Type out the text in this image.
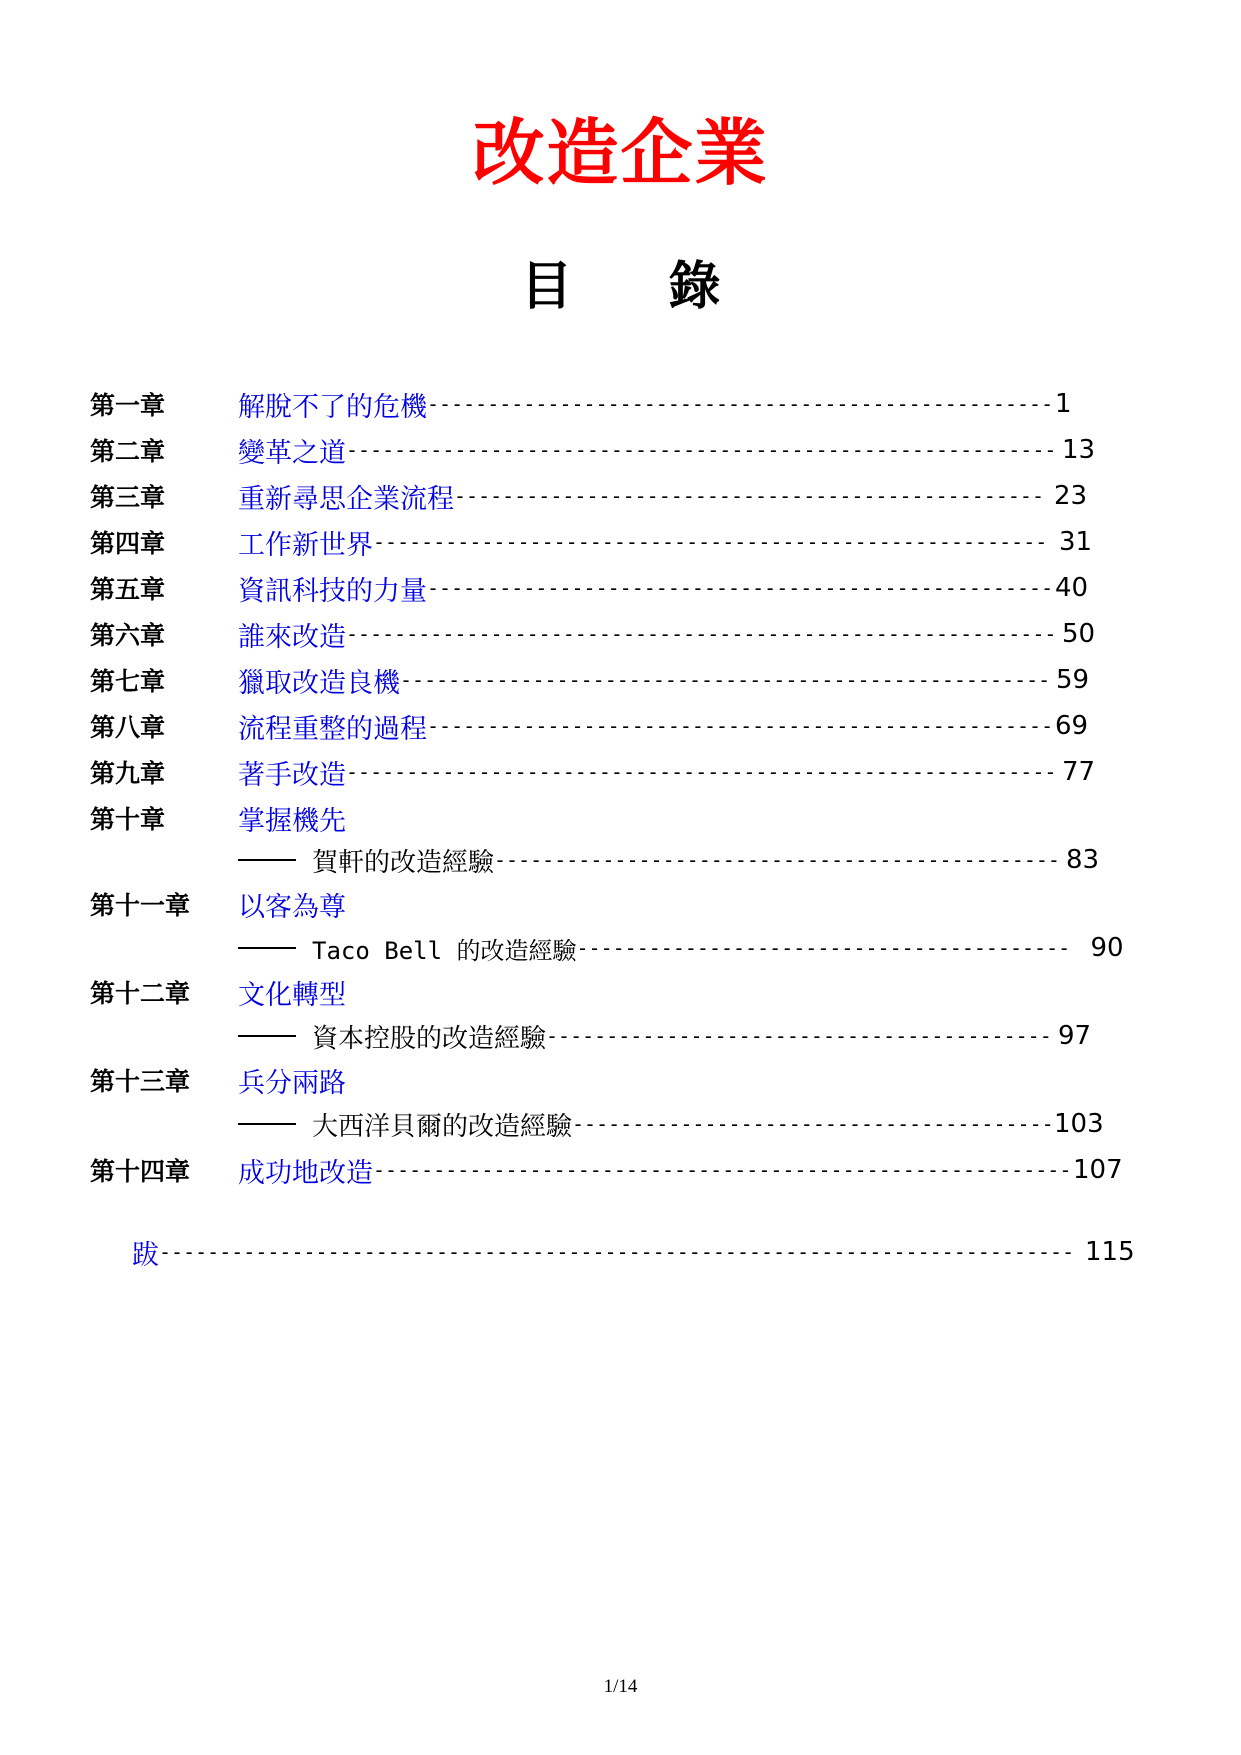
改造企業
目 錄
第一章	解脫不了的危機 ---------------------------------------------------- 1
第二章	變革之道 ----------------------------------------------------------- 13
第三章	重新尋思企業流程 ------------------------------------------------- 23
第四章	工作新世界 -------------------------------------------------------- 31
第五章	資訊科技的力量 ---------------------------------------------------- 40
第六章	誰來改造 ----------------------------------------------------------- 50
第七章	獵取改造良機 ------------------------------------------------------ 59
第八章	流程重整的過程 ---------------------------------------------------- 69
第九章	著手改造 ----------------------------------------------------------- 77
第十章	掌握機先
賀軒的改造經驗 ----------------------------------------------- 83
第十一章	以客為尊
Taco Bell 的改造經驗 ----------------------------------------- 90
第十二章	文化轉型
資本控股的改造經驗 ------------------------------------------ 97
第十三章	兵分兩路
大西洋貝爾的改造經驗 ---------------------------------------- 103
第十四章	成功地改造 ---------------------------------------------------------- 107
跋 ---------------------------------------------------------------------------- 115
1/14
